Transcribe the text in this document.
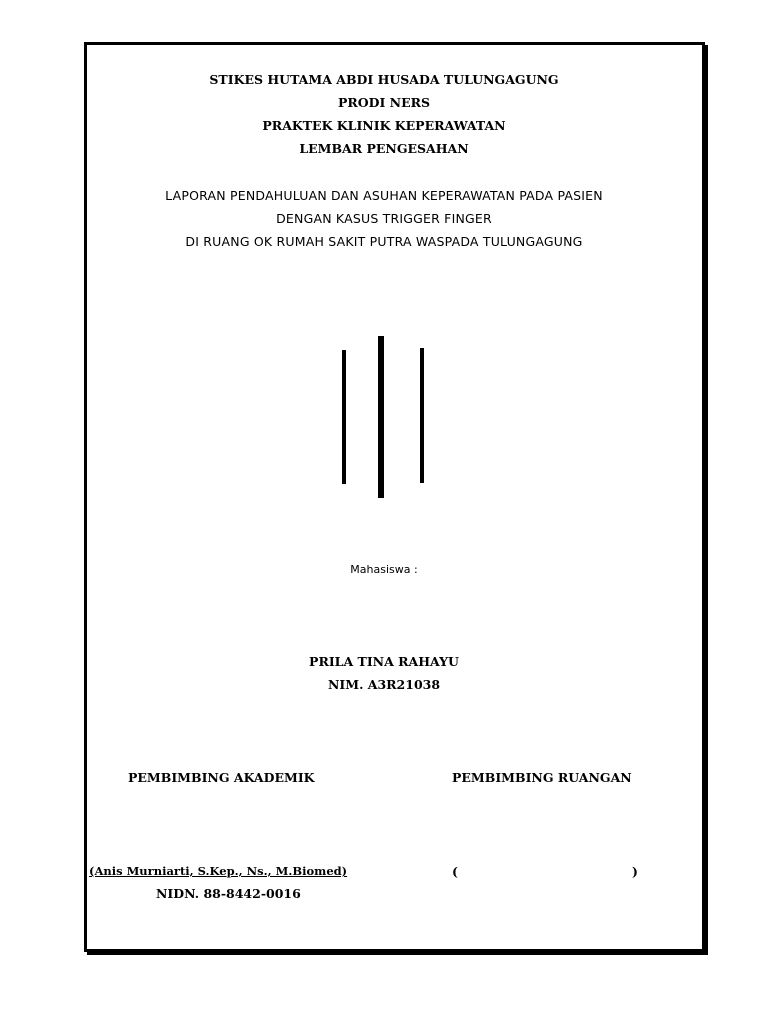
STIKES HUTAMA ABDI HUSADA TULUNGAGUNG
PRODI NERS
PRAKTEK KLINIK KEPERAWATAN
LEMBAR PENGESAHAN
LAPORAN PENDAHULUAN DAN ASUHAN KEPERAWATAN PADA PASIEN
DENGAN KASUS TRIGGER FINGER
DI RUANG OK RUMAH SAKIT PUTRA WASPADA TULUNGAGUNG
Mahasiswa :
PRILA TINA RAHAYU
NIM. A3R21038
PEMBIMBING AKADEMIK	PEMBIMBING RUANGAN
(Anis Murniarti, S.Kep., Ns., M.Biomed)	(	)
NIDN. 88-8442-0016
